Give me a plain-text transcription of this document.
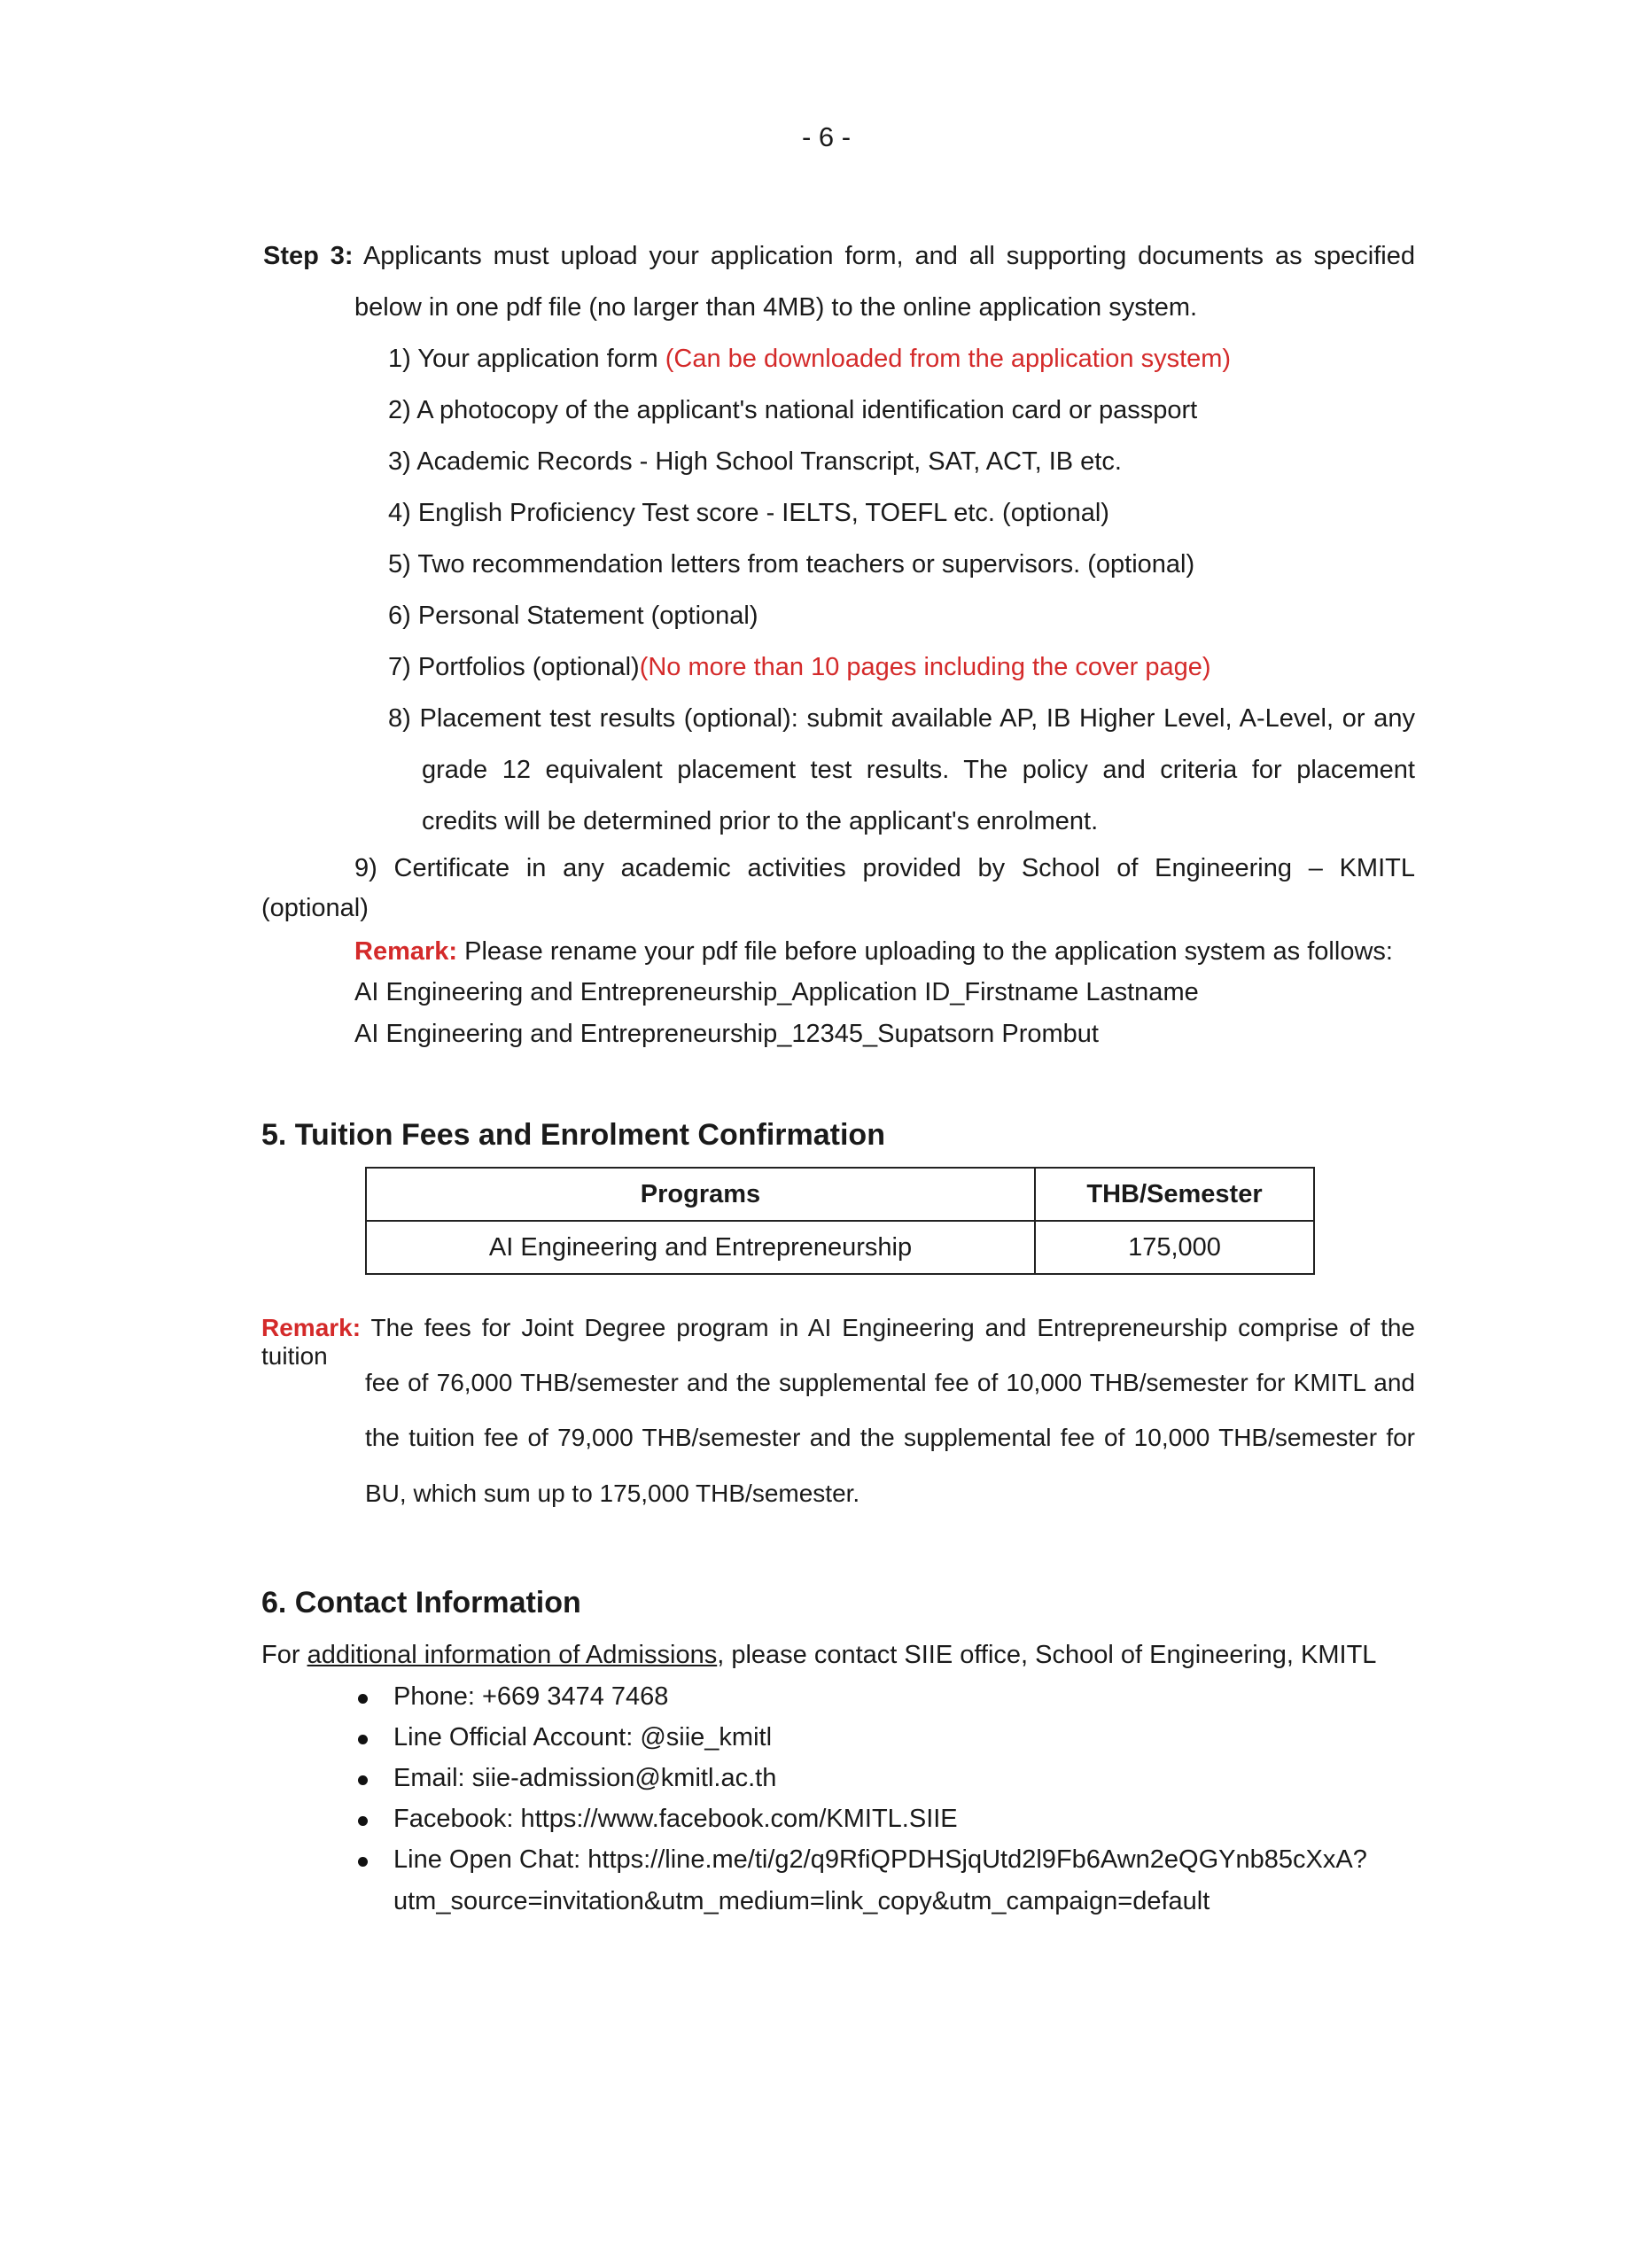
- 6 -
Step 3: Applicants must upload your application form, and all supporting documents as specified
below in one pdf file (no larger than 4MB) to the online application system.
1) Your application form (Can be downloaded from the application system)
2) A photocopy of the applicant's national identification card or passport
3) Academic Records - High School Transcript, SAT, ACT, IB etc.
4) English Proficiency Test score - IELTS, TOEFL etc. (optional)
5) Two recommendation letters from teachers or supervisors. (optional)
6) Personal Statement (optional)
7) Portfolios (optional)(No more than 10 pages including the cover page)
8) Placement test results (optional): submit available AP, IB Higher Level, A-Level, or any
grade 12 equivalent placement test results. The policy and criteria for placement
credits will be determined prior to the applicant's enrolment.
9) Certificate in any academic activities provided by School of Engineering – KMITL
(optional)
Remark: Please rename your pdf file before uploading to the application system as follows:
AI Engineering and Entrepreneurship_Application ID_Firstname Lastname
AI Engineering and Entrepreneurship_12345_Supatsorn Prombut
5. Tuition Fees and Enrolment Confirmation
Programs	THB/Semester
AI Engineering and Entrepreneurship	175,000
Remark: The fees for Joint Degree program in AI Engineering and Entrepreneurship comprise of the tuition
fee of 76,000 THB/semester and the supplemental fee of 10,000 THB/semester for KMITL and
the tuition fee of 79,000 THB/semester and the supplemental fee of 10,000 THB/semester for
BU, which sum up to 175,000 THB/semester.
6. Contact Information
For additional information of Admissions, please contact SIIE office, School of Engineering, KMITL
Phone: +669 3474 7468
Line Official Account: @siie_kmitl
Email: siie-admission@kmitl.ac.th
Facebook: https://www.facebook.com/KMITL.SIIE
Line Open Chat: https://line.me/ti/g2/q9RfiQPDHSjqUtd2l9Fb6Awn2eQGYnb85cXxA?
utm_source=invitation&utm_medium=link_copy&utm_campaign=default
